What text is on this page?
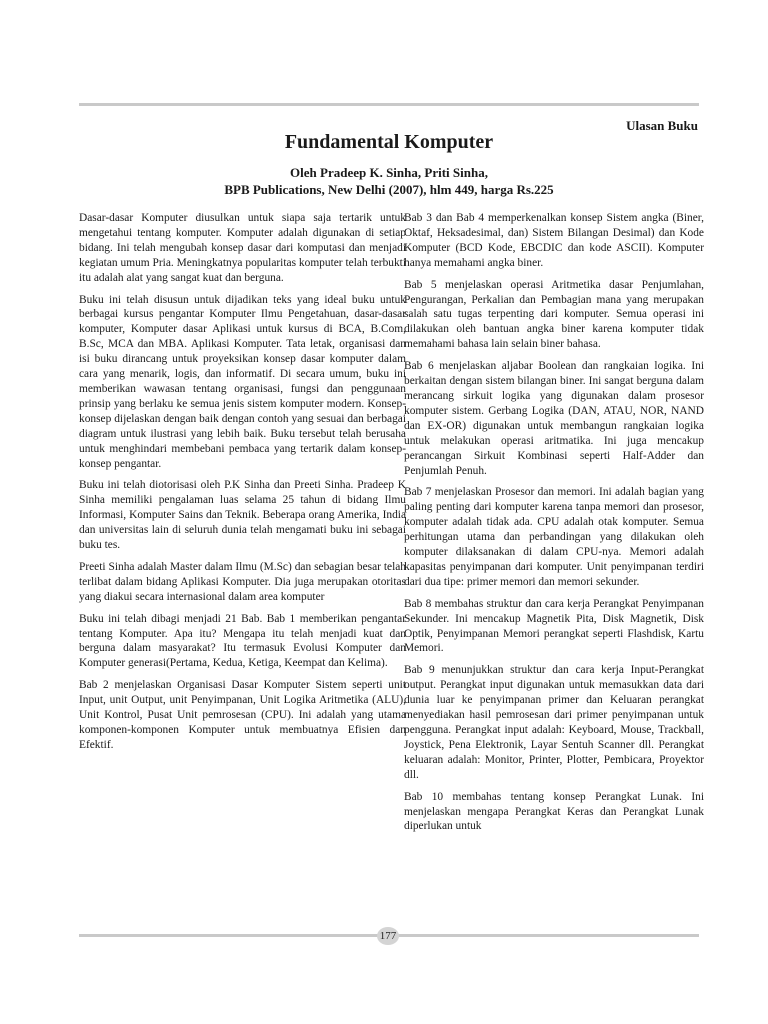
Ulasan Buku
Fundamental Komputer
Oleh Pradeep K. Sinha, Priti Sinha,
BPB Publications, New Delhi (2007), hlm 449, harga Rs.225

Dasar-dasar Komputer diusulkan untuk siapa saja tertarik untuk mengetahui tentang komputer. Komputer adalah digunakan di setiap bidang. Ini telah mengubah konsep dasar dari komputasi dan menjadi kegiatan umum Pria. Meningkatnya popularitas komputer telah terbukti itu adalah alat yang sangat kuat dan berguna.

Buku ini telah disusun untuk dijadikan teks yang ideal buku untuk berbagai kursus pengantar Komputer Ilmu Pengetahuan, dasar-dasar komputer, Komputer dasar Aplikasi untuk kursus di BCA, B.Com, B.Sc, MCA dan MBA. Aplikasi Komputer. Tata letak, organisasi dan isi buku dirancang untuk proyeksikan konsep dasar komputer dalam cara yang menarik, logis, dan informatif. Di secara umum, buku ini memberikan wawasan tentang organisasi, fungsi dan penggunaan prinsip yang berlaku ke semua jenis sistem komputer modern. Konsep-konsep dijelaskan dengan baik dengan contoh yang sesuai dan berbagai diagram untuk ilustrasi yang lebih baik. Buku tersebut telah berusaha untuk menghindari membebani pembaca yang tertarik dalam konsep-konsep pengantar.

Buku ini telah diotorisasi oleh P.K Sinha dan Preeti Sinha. Pradeep K Sinha memiliki pengalaman luas selama 25 tahun di bidang Ilmu Informasi, Komputer Sains dan Teknik. Beberapa orang Amerika, India dan universitas lain di seluruh dunia telah mengamati buku ini sebagai buku tes.

Preeti Sinha adalah Master dalam Ilmu (M.Sc) dan sebagian besar telah terlibat dalam bidang Aplikasi Komputer. Dia juga merupakan otoritas yang diakui secara internasional dalam area komputer

Buku ini telah dibagi menjadi 21 Bab. Bab 1 memberikan pengantar tentang Komputer. Apa itu? Mengapa itu telah menjadi kuat dan berguna dalam masyarakat? Itu termasuk Evolusi Komputer dan Komputer generasi(Pertama, Kedua, Ketiga, Keempat dan Kelima).

Bab 2 menjelaskan Organisasi Dasar Komputer Sistem seperti unit Input, unit Output, unit Penyimpanan, Unit Logika Aritmetika (ALU), Unit Kontrol, Pusat Unit pemrosesan (CPU). Ini adalah yang utama komponen-komponen Komputer untuk membuatnya Efisien dan Efektif.

Bab 3 dan Bab 4 memperkenalkan konsep Sistem angka (Biner, Oktaf, Heksadesimal, dan) Sistem Bilangan Desimal) dan Kode Komputer (BCD Kode, EBCDIC dan kode ASCII). Komputer hanya memahami angka biner.

Bab 5 menjelaskan operasi Aritmetika dasar Penjumlahan, Pengurangan, Perkalian dan Pembagian mana yang merupakan salah satu tugas terpenting dari komputer. Semua operasi ini dilakukan oleh bantuan angka biner karena komputer tidak memahami bahasa lain selain biner bahasa.

Bab 6 menjelaskan aljabar Boolean dan rangkaian logika. Ini berkaitan dengan sistem bilangan biner. Ini sangat berguna dalam merancang sirkuit logika yang digunakan dalam prosesor komputer sistem. Gerbang Logika (DAN, ATAU, NOR, NAND dan EX-OR) digunakan untuk membangun rangkaian logika untuk melakukan operasi aritmatika. Ini juga mencakup perancangan Sirkuit Kombinasi seperti Half-Adder dan Penjumlah Penuh.

Bab 7 menjelaskan Prosesor dan memori. Ini adalah bagian yang paling penting dari komputer karena tanpa memori dan prosesor, komputer adalah tidak ada. CPU adalah otak komputer. Semua perhitungan utama dan perbandingan yang dilakukan oleh komputer dilaksanakan di dalam CPU-nya. Memori adalah kapasitas penyimpanan dari komputer. Unit penyimpanan terdiri dari dua tipe: primer memori dan memori sekunder.

Bab 8 membahas struktur dan cara kerja Perangkat Penyimpanan Sekunder. Ini mencakup Magnetik Pita, Disk Magnetik, Disk Optik, Penyimpanan Memori perangkat seperti Flashdisk, Kartu Memori.

Bab 9 menunjukkan struktur dan cara kerja Input-Perangkat output. Perangkat input digunakan untuk memasukkan data dari dunia luar ke penyimpanan primer dan Keluaran perangkat menyediakan hasil pemrosesan dari primer penyimpanan untuk pengguna. Perangkat input adalah: Keyboard, Mouse, Trackball, Joystick, Pena Elektronik, Layar Sentuh Scanner dll. Perangkat keluaran adalah: Monitor, Printer, Plotter, Pembicara, Proyektor dll.

Bab 10 membahas tentang konsep Perangkat Lunak. Ini menjelaskan mengapa Perangkat Keras dan Perangkat Lunak diperlukan untuk

177
